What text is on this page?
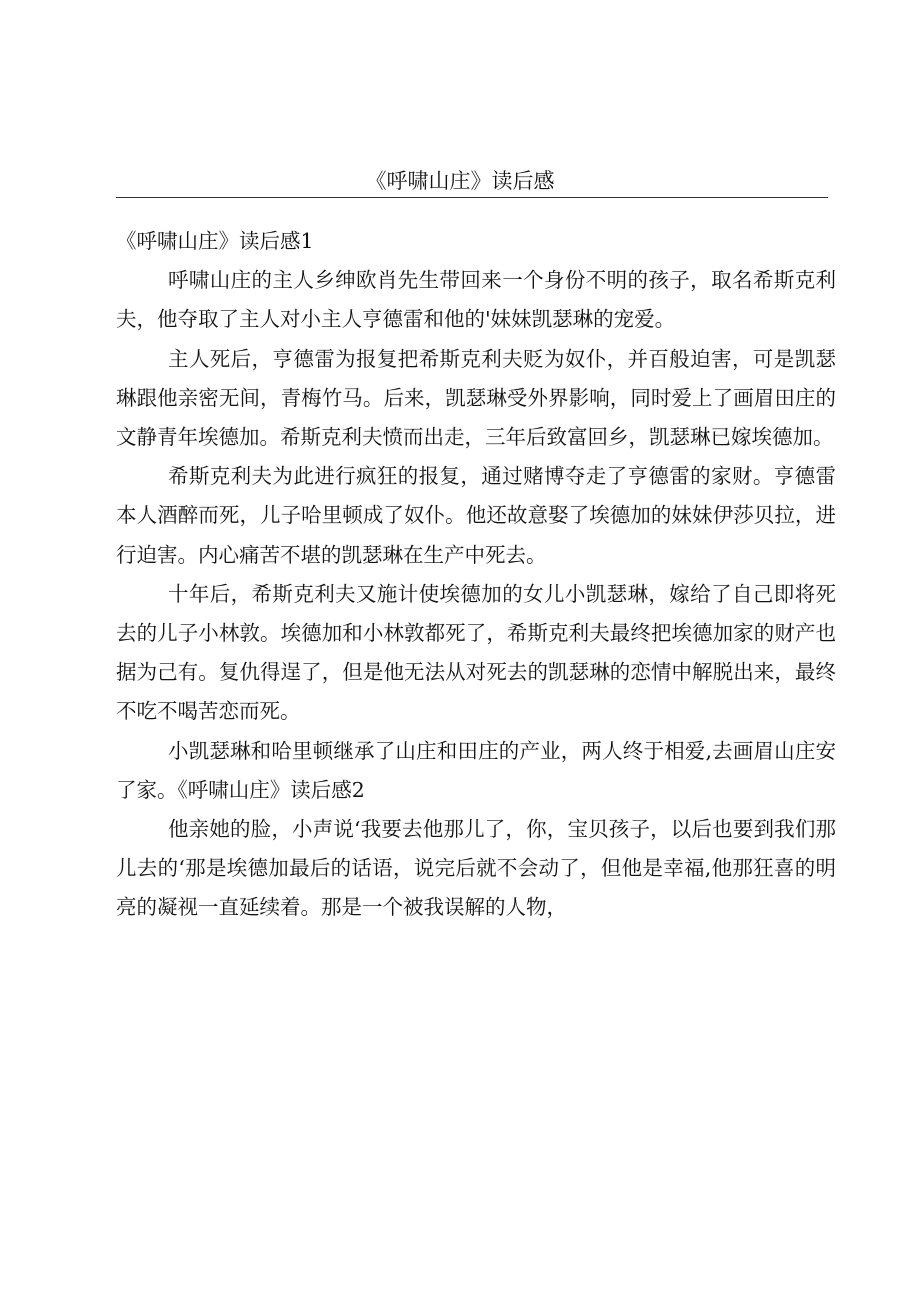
《呼啸山庄》读后感

《呼啸山庄》读后感1

呼啸山庄的主人乡绅欧肖先生带回来一个身份不明的孩子，取名希斯克利夫，他夺取了主人对小主人亨德雷和他的'妹妹凯瑟琳的宠爱。

主人死后，亨德雷为报复把希斯克利夫贬为奴仆，并百般迫害，可是凯瑟琳跟他亲密无间，青梅竹马。后来，凯瑟琳受外界影响，同时爱上了画眉田庄的文静青年埃德加。希斯克利夫愤而出走，三年后致富回乡，凯瑟琳已嫁埃德加。

希斯克利夫为此进行疯狂的报复，通过赌博夺走了亨德雷的家财。亨德雷本人酒醉而死，儿子哈里顿成了奴仆。他还故意娶了埃德加的妹妹伊莎贝拉，进行迫害。内心痛苦不堪的凯瑟琳在生产中死去。

十年后，希斯克利夫又施计使埃德加的女儿小凯瑟琳，嫁给了自己即将死去的儿子小林敦。埃德加和小林敦都死了，希斯克利夫最终把埃德加家的财产也据为己有。复仇得逞了，但是他无法从对死去的凯瑟琳的恋情中解脱出来，最终不吃不喝苦恋而死。

小凯瑟琳和哈里顿继承了山庄和田庄的产业，两人终于相爱,去画眉山庄安了家。《呼啸山庄》读后感2

他亲她的脸，小声说‘我要去他那儿了，你，宝贝孩子，以后也要到我们那儿去的‘那是埃德加最后的话语，说完后就不会动了，但他是幸福,他那狂喜的明亮的凝视一直延续着。那是一个被我误解的人物，
